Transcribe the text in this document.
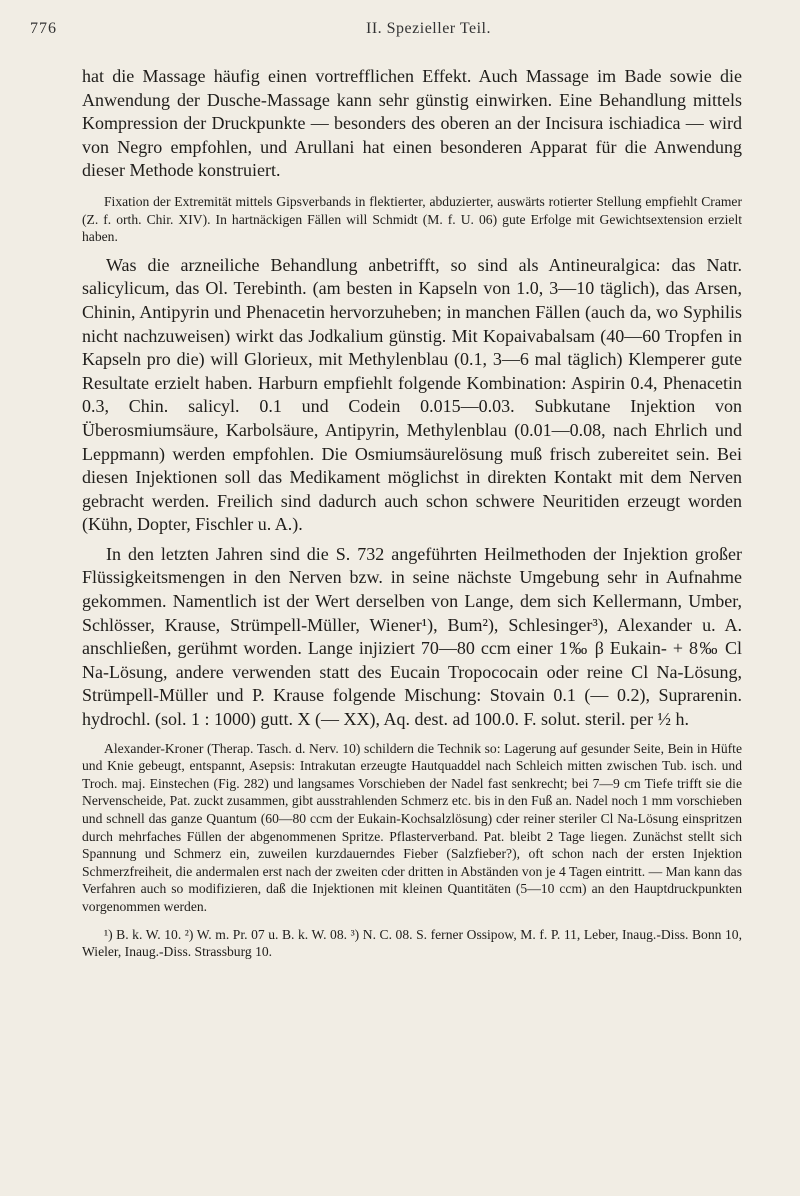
776	II. Spezieller Teil.

hat die Massage häufig einen vortrefflichen Effekt. Auch Massage im Bade sowie die Anwendung der Dusche-Massage kann sehr günstig einwirken. Eine Behandlung mittels Kompression der Druckpunkte — besonders des oberen an der Incisura ischiadica — wird von Negro empfohlen, und Arullani hat einen besonderen Apparat für die Anwendung dieser Methode konstruiert.

Fixation der Extremität mittels Gipsverbands in flektierter, abduzierter, auswärts rotierter Stellung empfiehlt Cramer (Z. f. orth. Chir. XIV). In hartnäckigen Fällen will Schmidt (M. f. U. 06) gute Erfolge mit Gewichtsextension erzielt haben.

Was die arzneiliche Behandlung anbetrifft, so sind als Antineuralgica: das Natr. salicylicum, das Ol. Terebinth. (am besten in Kapseln von 1.0, 3—10 täglich), das Arsen, Chinin, Antipyrin und Phenacetin hervorzuheben; in manchen Fällen (auch da, wo Syphilis nicht nachzuweisen) wirkt das Jodkalium günstig. Mit Kopaivabalsam (40—60 Tropfen in Kapseln pro die) will Glorieux, mit Methylenblau (0.1, 3—6 mal täglich) Klemperer gute Resultate erzielt haben. Harburn empfiehlt folgende Kombination: Aspirin 0.4, Phenacetin 0.3, Chin. salicyl. 0.1 und Codein 0.015—0.03. Subkutane Injektion von Überosmiumsäure, Karbolsäure, Antipyrin, Methylenblau (0.01—0.08, nach Ehrlich und Leppmann) werden empfohlen. Die Osmiumsäurelösung muß frisch zubereitet sein. Bei diesen Injektionen soll das Medikament möglichst in direkten Kontakt mit dem Nerven gebracht werden. Freilich sind dadurch auch schon schwere Neuritiden erzeugt worden (Kühn, Dopter, Fischler u. A.).

In den letzten Jahren sind die S. 732 angeführten Heilmethoden der Injektion großer Flüssigkeitsmengen in den Nerven bzw. in seine nächste Umgebung sehr in Aufnahme gekommen. Namentlich ist der Wert derselben von Lange, dem sich Kellermann, Umber, Schlösser, Krause, Strümpell-Müller, Wiener¹), Bum²), Schlesinger³), Alexander u. A. anschließen, gerühmt worden. Lange injiziert 70—80 ccm einer 1‰ β Eukain- + 8‰ Cl Na-Lösung, andere verwenden statt des Eucain Tropococain oder reine Cl Na-Lösung, Strümpell-Müller und P. Krause folgende Mischung: Stovain 0.1 (— 0.2), Suprarenin. hydrochl. (sol. 1 : 1000) gutt. X (— XX), Aq. dest. ad 100.0. F. solut. steril. per ½ h.

Alexander-Kroner (Therap. Tasch. d. Nerv. 10) schildern die Technik so: Lagerung auf gesunder Seite, Bein in Hüfte und Knie gebeugt, entspannt, Asepsis: Intrakutan erzeugte Hautquaddel nach Schleich mitten zwischen Tub. isch. und Troch. maj. Einstechen (Fig. 282) und langsames Vorschieben der Nadel fast senkrecht; bei 7—9 cm Tiefe trifft sie die Nervenscheide, Pat. zuckt zusammen, gibt ausstrahlenden Schmerz etc. bis in den Fuß an. Nadel noch 1 mm vorschieben und schnell das ganze Quantum (60—80 ccm der Eukain-Kochsalzlösung) cder reiner steriler Cl Na-Lösung einspritzen durch mehrfaches Füllen der abgenommenen Spritze. Pflasterverband. Pat. bleibt 2 Tage liegen. Zunächst stellt sich Spannung und Schmerz ein, zuweilen kurzdauerndes Fieber (Salzfieber?), oft schon nach der ersten Injektion Schmerzfreiheit, die andermalen erst nach der zweiten cder dritten in Abständen von je 4 Tagen eintritt. — Man kann das Verfahren auch so modifizieren, daß die Injektionen mit kleinen Quantitäten (5—10 ccm) an den Hauptdruckpunkten vorgenommen werden.

¹) B. k. W. 10. ²) W. m. Pr. 07 u. B. k. W. 08. ³) N. C. 08. S. ferner Ossipow, M. f. P. 11, Leber, Inaug.-Diss. Bonn 10, Wieler, Inaug.-Diss. Strassburg 10.
